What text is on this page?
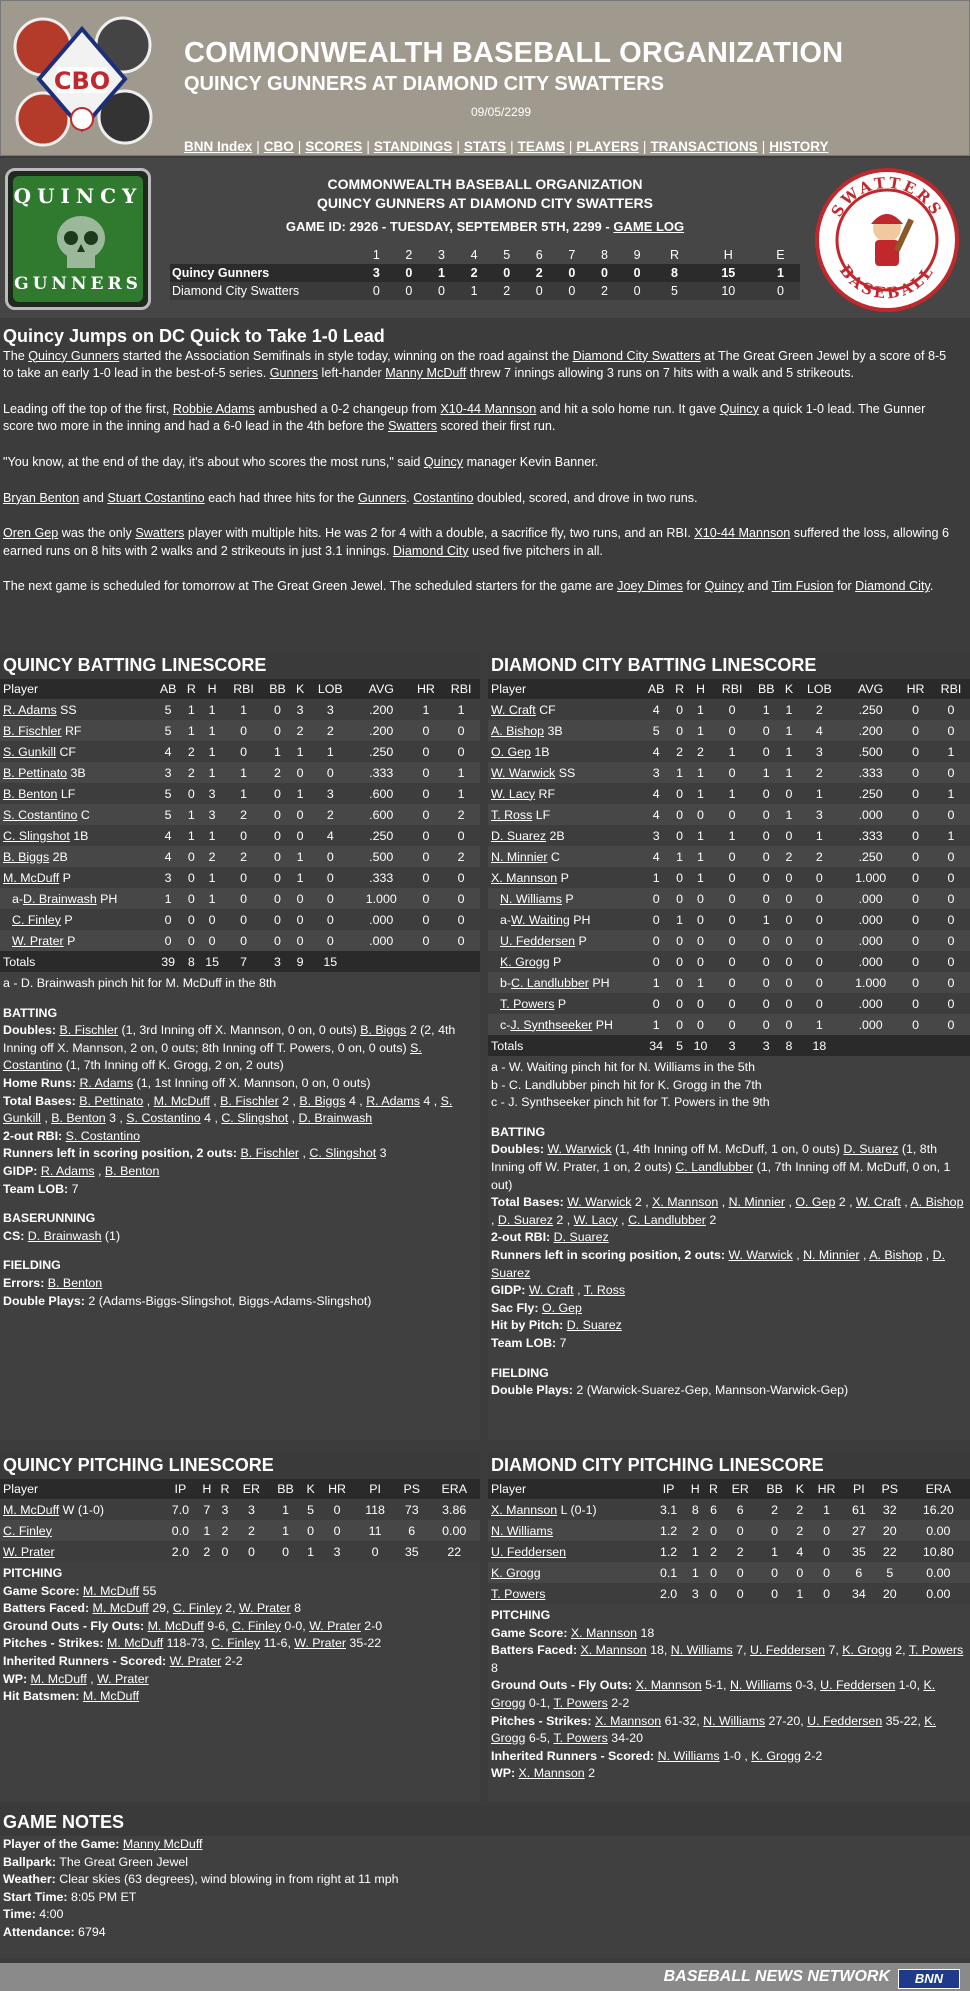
CBO
COMMONWEALTH BASEBALL ORGANIZATION
QUINCY GUNNERS AT DIAMOND CITY SWATTERS
09/05/2299
BNN Index | CBO | SCORES | STANDINGS | STATS | TEAMS | PLAYERS | TRANSACTIONS | HISTORY
QUINCY
GUNNERS
COMMONWEALTH BASEBALL ORGANIZATION
QUINCY GUNNERS AT DIAMOND CITY SWATTERS
GAME ID: 2926 - TUESDAY, SEPTEMBER 5TH, 2299 - GAME LOG
	1	2	3	4	5	6	7	8	9	R	H	E
Quincy Gunners	3	0	1	2	0	2	0	0	0	8	15	1
Diamond City Swatters	0	0	0	1	2	0	0	2	0	5	10	0
SWATTERS
BASEBALL
Quincy Jumps on DC Quick to Take 1-0 Lead

The Quincy Gunners started the Association Semifinals in style today, winning on the road against the Diamond City Swatters at The Great Green Jewel by a score of 8-5 to take an early 1-0 lead in the best-of-5 series. Gunners left-hander Manny McDuff threw 7 innings allowing 3 runs on 7 hits with a walk and 5 strikeouts.

Leading off the top of the first, Robbie Adams ambushed a 0-2 changeup from X10-44 Mannson and hit a solo home run. It gave Quincy a quick 1-0 lead. The Gunner score two more in the inning and had a 6-0 lead in the 4th before the Swatters scored their first run.

"You know, at the end of the day, it's about who scores the most runs," said Quincy manager Kevin Banner.

Bryan Benton and Stuart Costantino each had three hits for the Gunners. Costantino doubled, scored, and drove in two runs.

Oren Gep was the only Swatters player with multiple hits. He was 2 for 4 with a double, a sacrifice fly, two runs, and an RBI. X10-44 Mannson suffered the loss, allowing 6 earned runs on 8 hits with 2 walks and 2 strikeouts in just 3.1 innings. Diamond City used five pitchers in all.

The next game is scheduled for tomorrow at The Great Green Jewel. The scheduled starters for the game are Joey Dimes for Quincy and Tim Fusion for Diamond City.

QUINCY BATTING LINESCORE
Player	AB	R	H	RBI	BB	K	LOB	AVG	HR	RBI
R. Adams SS	5	1	1	1	0	3	3	.200	1	1
B. Fischler RF	5	1	1	0	0	2	2	.200	0	0
S. Gunkill CF	4	2	1	0	1	1	1	.250	0	0
B. Pettinato 3B	3	2	1	1	2	0	0	.333	0	1
B. Benton LF	5	0	3	1	0	1	3	.600	0	1
S. Costantino C	5	1	3	2	0	0	2	.600	0	2
C. Slingshot 1B	4	1	1	0	0	0	4	.250	0	0
B. Biggs 2B	4	0	2	2	0	1	0	.500	0	2
M. McDuff P	3	0	1	0	0	1	0	.333	0	0
a-D. Brainwash PH	1	0	1	0	0	0	0	1.000	0	0
C. Finley P	0	0	0	0	0	0	0	.000	0	0
W. Prater P	0	0	0	0	0	0	0	.000	0	0
Totals	39	8	15	7	3	9	15			
a - D. Brainwash pinch hit for M. McDuff in the 8th
BATTING
Doubles: B. Fischler (1, 3rd Inning off X. Mannson, 0 on, 0 outs) B. Biggs 2 (2, 4th Inning off X. Mannson, 2 on, 0 outs; 8th Inning off T. Powers, 0 on, 0 outs) S. Costantino (1, 7th Inning off K. Grogg, 2 on, 2 outs)
Home Runs: R. Adams (1, 1st Inning off X. Mannson, 0 on, 0 outs)
Total Bases: B. Pettinato , M. McDuff , B. Fischler 2 , B. Biggs 4 , R. Adams 4 , S. Gunkill , B. Benton 3 , S. Costantino 4 , C. Slingshot , D. Brainwash
2-out RBI: S. Costantino
Runners left in scoring position, 2 outs: B. Fischler , C. Slingshot 3
GIDP: R. Adams , B. Benton
Team LOB: 7
BASERUNNING
CS: D. Brainwash (1)
FIELDING
Errors: B. Benton
Double Plays: 2 (Adams-Biggs-Slingshot, Biggs-Adams-Slingshot)
DIAMOND CITY BATTING LINESCORE
Player	AB	R	H	RBI	BB	K	LOB	AVG	HR	RBI
W. Craft CF	4	0	1	0	1	1	2	.250	0	0
A. Bishop 3B	5	0	1	0	0	1	4	.200	0	0
O. Gep 1B	4	2	2	1	0	1	3	.500	0	1
W. Warwick SS	3	1	1	0	1	1	2	.333	0	0
W. Lacy RF	4	0	1	1	0	0	1	.250	0	1
T. Ross LF	4	0	0	0	0	1	3	.000	0	0
D. Suarez 2B	3	0	1	1	0	0	1	.333	0	1
N. Minnier C	4	1	1	0	0	2	2	.250	0	0
X. Mannson P	1	0	1	0	0	0	0	1.000	0	0
N. Williams P	0	0	0	0	0	0	0	.000	0	0
a-W. Waiting PH	0	1	0	0	1	0	0	.000	0	0
U. Feddersen P	0	0	0	0	0	0	0	.000	0	0
K. Grogg P	0	0	0	0	0	0	0	.000	0	0
b-C. Landlubber PH	1	0	1	0	0	0	0	1.000	0	0
T. Powers P	0	0	0	0	0	0	0	.000	0	0
c-J. Synthseeker PH	1	0	0	0	0	0	1	.000	0	0
Totals	34	5	10	3	3	8	18			
a - W. Waiting pinch hit for N. Williams in the 5th
b - C. Landlubber pinch hit for K. Grogg in the 7th
c - J. Synthseeker pinch hit for T. Powers in the 9th
BATTING
Doubles: W. Warwick (1, 4th Inning off M. McDuff, 1 on, 0 outs) D. Suarez (1, 8th Inning off W. Prater, 1 on, 2 outs) C. Landlubber (1, 7th Inning off M. McDuff, 0 on, 1 out)
Total Bases: W. Warwick 2 , X. Mannson , N. Minnier , O. Gep 2 , W. Craft , A. Bishop , D. Suarez 2 , W. Lacy , C. Landlubber 2
2-out RBI: D. Suarez
Runners left in scoring position, 2 outs: W. Warwick , N. Minnier , A. Bishop , D. Suarez
GIDP: W. Craft , T. Ross
Sac Fly: O. Gep
Hit by Pitch: D. Suarez
Team LOB: 7
FIELDING
Double Plays: 2 (Warwick-Suarez-Gep, Mannson-Warwick-Gep)
QUINCY PITCHING LINESCORE
Player	IP	H	R	ER	BB	K	HR	PI	PS	ERA
M. McDuff W (1-0)	7.0	7	3	3	1	5	0	118	73	3.86
C. Finley	0.0	1	2	2	1	0	0	11	6	0.00
W. Prater	2.0	2	0	0	0	1	3	0	35	22
PITCHING
Game Score: M. McDuff 55
Batters Faced: M. McDuff 29, C. Finley 2, W. Prater 8
Ground Outs - Fly Outs: M. McDuff 9-6, C. Finley 0-0, W. Prater 2-0
Pitches - Strikes: M. McDuff 118-73, C. Finley 11-6, W. Prater 35-22
Inherited Runners - Scored: W. Prater 2-2
WP: M. McDuff , W. Prater
Hit Batsmen: M. McDuff
DIAMOND CITY PITCHING LINESCORE
Player	IP	H	R	ER	BB	K	HR	PI	PS	ERA
X. Mannson L (0-1)	3.1	8	6	6	2	2	1	61	32	16.20
N. Williams	1.2	2	0	0	0	2	0	27	20	0.00
U. Feddersen	1.2	1	2	2	1	4	0	35	22	10.80
K. Grogg	0.1	1	0	0	0	0	0	6	5	0.00
T. Powers	2.0	3	0	0	0	1	0	34	20	0.00
PITCHING
Game Score: X. Mannson 18
Batters Faced: X. Mannson 18, N. Williams 7, U. Feddersen 7, K. Grogg 2, T. Powers 8
Ground Outs - Fly Outs: X. Mannson 5-1, N. Williams 0-3, U. Feddersen 1-0, K. Grogg 0-1, T. Powers 2-2
Pitches - Strikes: X. Mannson 61-32, N. Williams 27-20, U. Feddersen 35-22, K. Grogg 6-5, T. Powers 34-20
Inherited Runners - Scored: N. Williams 1-0 , K. Grogg 2-2
WP: X. Mannson 2
GAME NOTES
Player of the Game: Manny McDuff
Ballpark: The Great Green Jewel
Weather: Clear skies (63 degrees), wind blowing in from right at 11 mph
Start Time: 8:05 PM ET
Time: 4:00
Attendance: 6794
BASEBALL NEWS NETWORK	BNN
